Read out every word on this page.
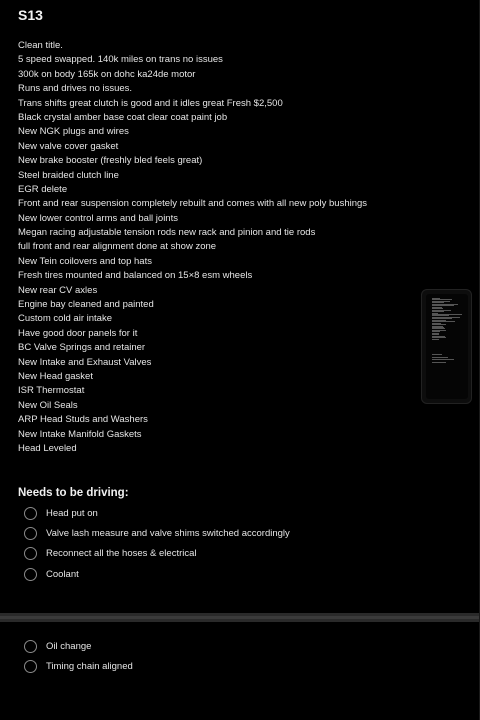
S13
Clean title.
5 speed swapped. 140k miles on trans no issues
300k on body 165k on dohc ka24de motor
Runs and drives no issues.
Trans shifts great clutch is good and it idles great Fresh $2,500
Black crystal amber base coat clear coat paint job
New NGK plugs and wires
New valve cover gasket
New brake booster (freshly bled feels great)
Steel braided clutch line
EGR delete
Front and rear suspension completely rebuilt and comes with all new poly bushings
New lower control arms and ball joints
Megan racing adjustable tension rods new rack and pinion and tie rods
full front and rear alignment done at show zone
New Tein coilovers and top hats
Fresh tires mounted and balanced on 15×8 esm wheels
New rear CV axles
Engine bay cleaned and painted
Custom cold air intake
Have good door panels for it
BC Valve Springs and retainer
New Intake and Exhaust Valves
New Head gasket
ISR Thermostat
New Oil Seals
ARP Head Studs and Washers
New Intake Manifold Gaskets
Head Leveled
Needs to be driving:
Head put on
Valve lash measure and valve shims switched accordingly
Reconnect all the hoses & electrical
Coolant
Oil change
Timing chain aligned
